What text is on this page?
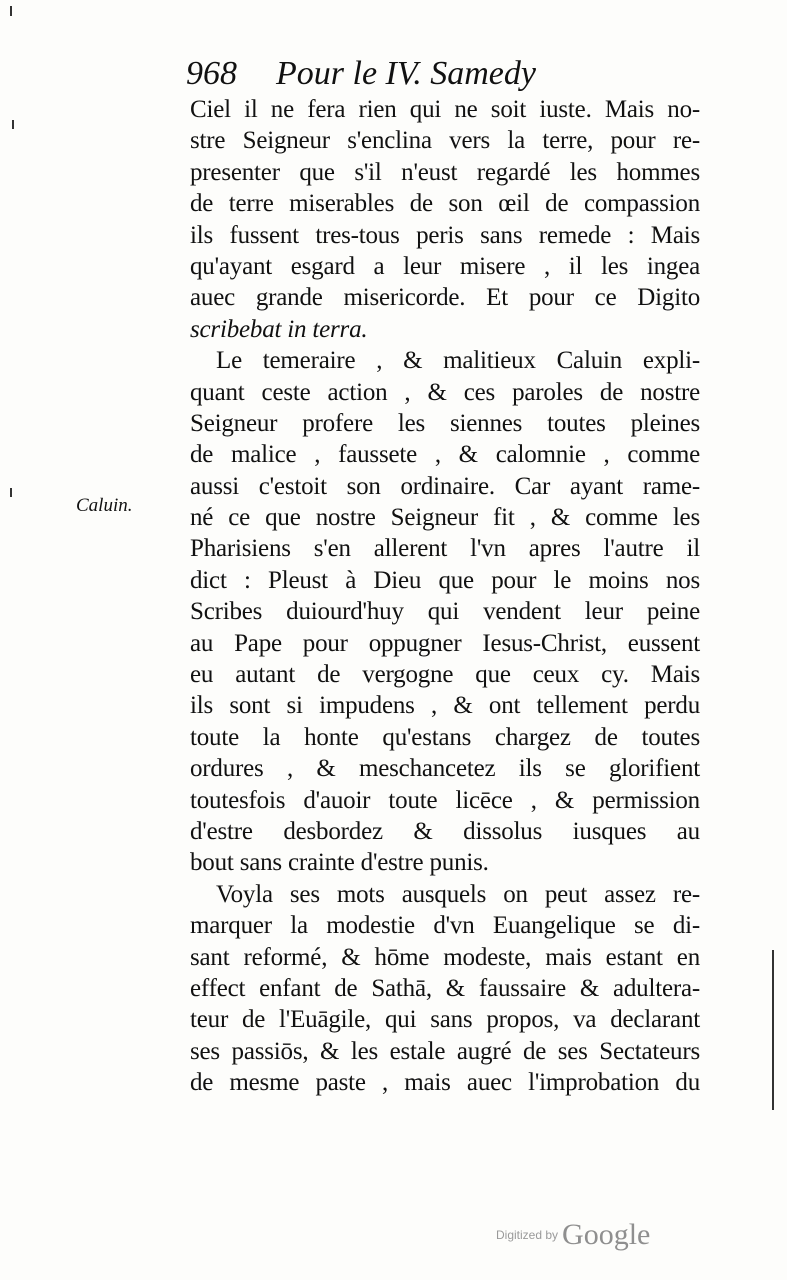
968 Pour le IV. Samedy
Caluin.
Ciel il ne fera rien qui ne soit iuste. Mais no-
stre Seigneur s'enclina vers la terre, pour re-
presenter que s'il n'eust regardé les hommes
de terre miserables de son œil de compassion
ils fussent tres-tous peris sans remede : Mais
qu'ayant esgard a leur misere , il les ingea
auec grande misericorde. Et pour ce Digito
scribebat in terra.
Le temeraire , & malitieux Caluin expli-
quant ceste action , & ces paroles de nostre
Seigneur profere les siennes toutes pleines
de malice , faussete , & calomnie , comme
aussi c'estoit son ordinaire. Car ayant rame-
né ce que nostre Seigneur fit , & comme les
Pharisiens s'en allerent l'vn apres l'autre il
dict : Pleust à Dieu que pour le moins nos
Scribes duiourd'huy qui vendent leur peine
au Pape pour oppugner Iesus-Christ, eussent
eu autant de vergogne que ceux cy. Mais
ils sont si impudens , & ont tellement perdu
toute la honte qu'estans chargez de toutes
ordures , & meschancetez ils se glorifient
toutesfois d'auoir toute licēce , & permission
d'estre desbordez & dissolus iusques au
bout sans crainte d'estre punis.
Voyla ses mots ausquels on peut assez re-
marquer la modestie d'vn Euangelique se di-
sant reformé, & hōme modeste, mais estant en
effect enfant de Sathā, & faussaire & adultera-
teur de l'Euāgile, qui sans propos, va declarant
ses passiōs, & les estale augré de ses Sectateurs
de mesme paste , mais auec l'improbation du
Digitized by Google
